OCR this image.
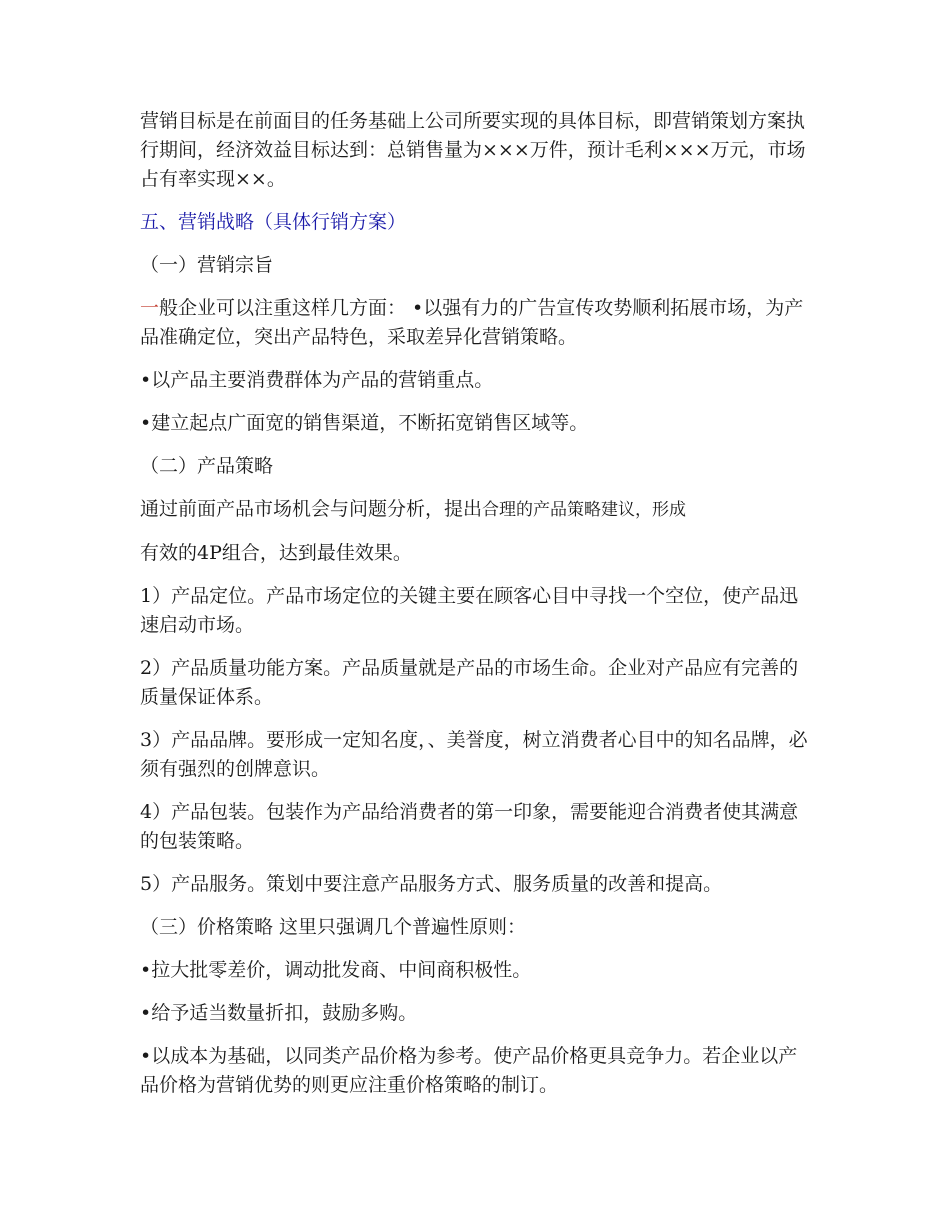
营销目标是在前面目的任务基础上公司所要实现的具体目标，即营销策划方案执行期间，经济效益目标达到：总销售量为×××万件，预计毛利×××万元，市场占有率实现××。

五、营销战略（具体行销方案）

（一）营销宗旨

一般企业可以注重这样几方面： •以强有力的广告宣传攻势顺利拓展市场，为产品准确定位，突出产品特色，采取差异化营销策略。

•以产品主要消费群体为产品的营销重点。

•建立起点广面宽的销售渠道，不断拓宽销售区域等。

（二）产品策略

通过前面产品市场机会与问题分析，提出合理的产品策略建议，形成

有效的4P组合，达到最佳效果。

1）产品定位。产品市场定位的关键主要在顾客心目中寻找一个空位，使产品迅速启动市场。

2）产品质量功能方案。产品质量就是产品的市场生命。企业对产品应有完善的质量保证体系。

3）产品品牌。要形成一定知名度，、美誉度，树立消费者心目中的知名品牌，必须有强烈的创牌意识。

4）产品包装。包装作为产品给消费者的第一印象，需要能迎合消费者使其满意的包装策略。

5）产品服务。策划中要注意产品服务方式、服务质量的改善和提高。

（三）价格策略 这里只强调几个普遍性原则：

•拉大批零差价，调动批发商、中间商积极性。

•给予适当数量折扣，鼓励多购。

•以成本为基础，以同类产品价格为参考。使产品价格更具竞争力。若企业以产品价格为营销优势的则更应注重价格策略的制订。
